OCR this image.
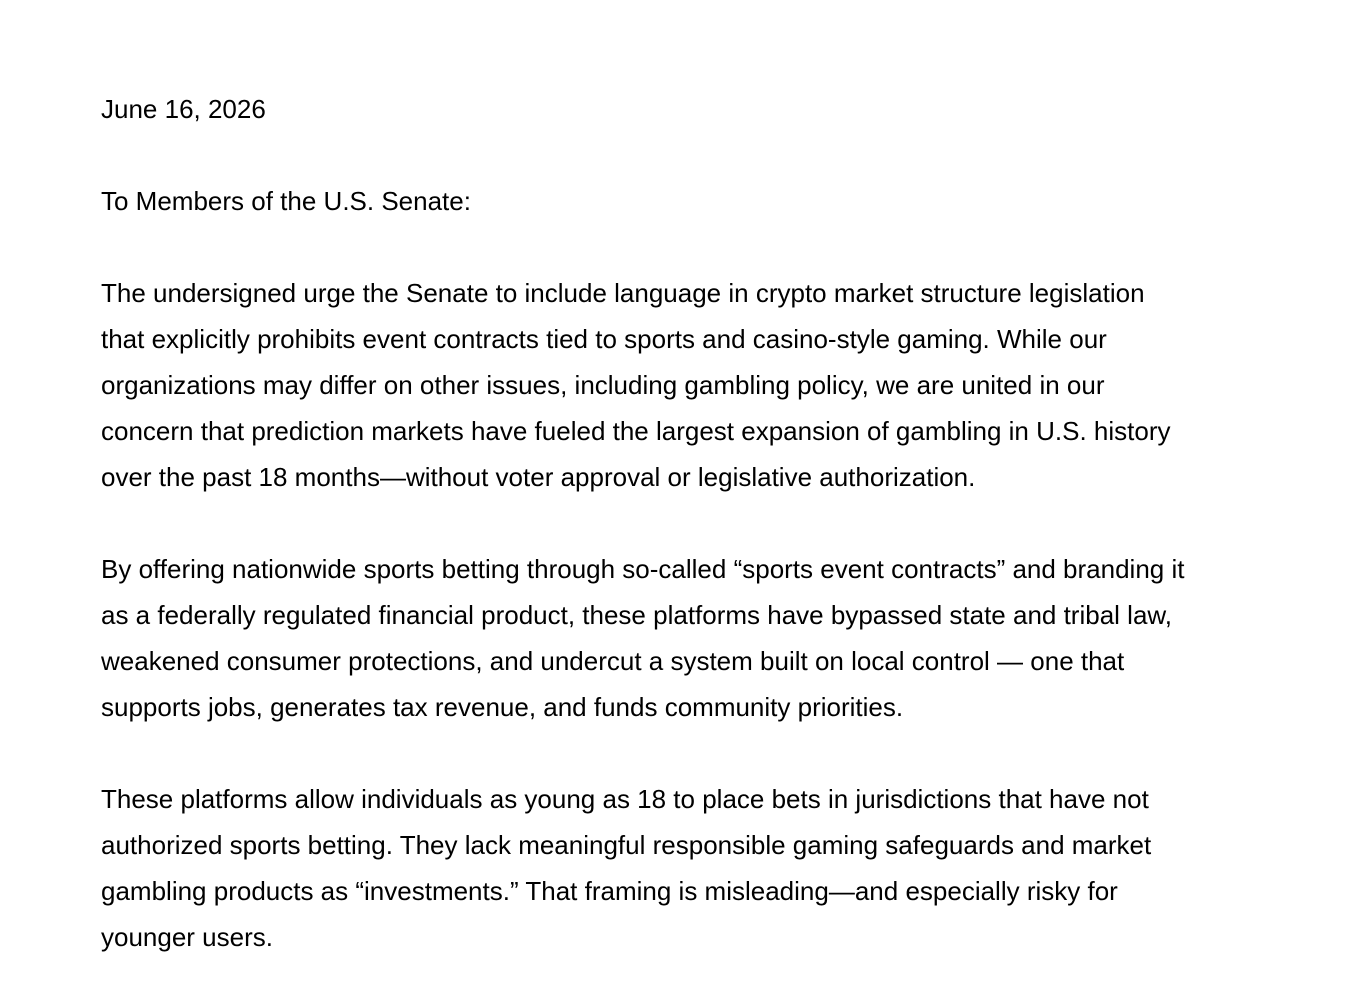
June 16, 2026
To Members of the U.S. Senate:
The undersigned urge the Senate to include language in crypto market structure legislation
that explicitly prohibits event contracts tied to sports and casino-style gaming. While our
organizations may differ on other issues, including gambling policy, we are united in our
concern that prediction markets have fueled the largest expansion of gambling in U.S. history
over the past 18 months—without voter approval or legislative authorization.
By offering nationwide sports betting through so-called “sports event contracts” and branding it
as a federally regulated financial product, these platforms have bypassed state and tribal law,
weakened consumer protections, and undercut a system built on local control — one that
supports jobs, generates tax revenue, and funds community priorities.
These platforms allow individuals as young as 18 to place bets in jurisdictions that have not
authorized sports betting. They lack meaningful responsible gaming safeguards and market
gambling products as “investments.” That framing is misleading—and especially risky for
younger users.
